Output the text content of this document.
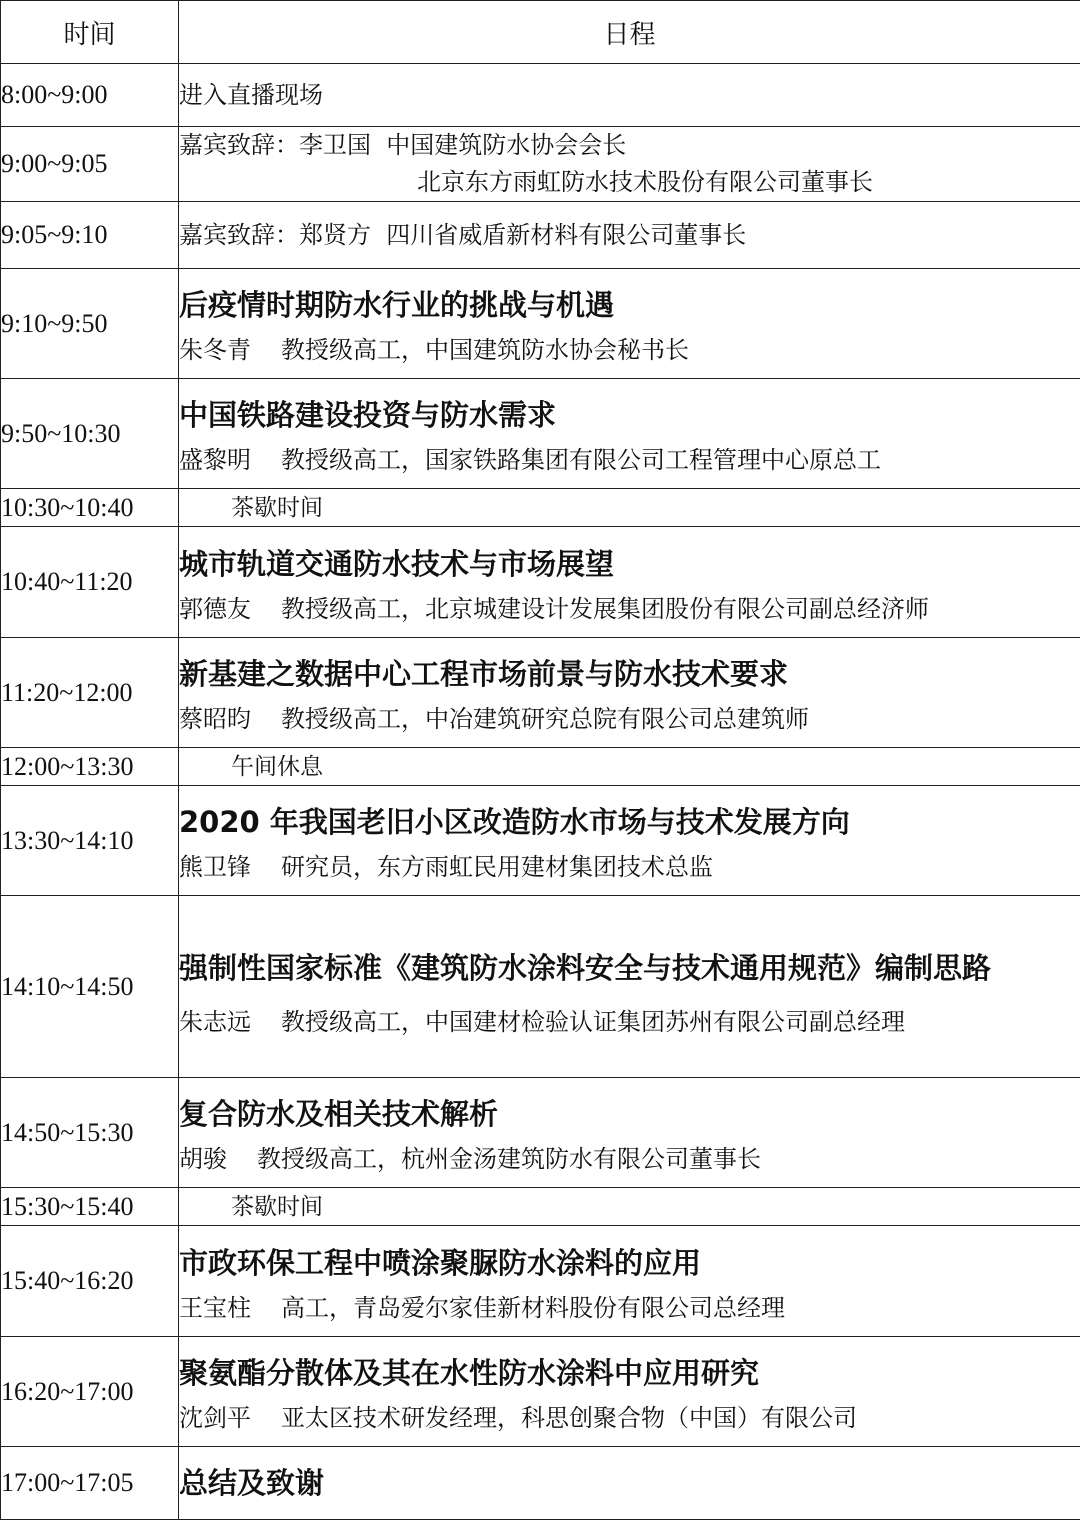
时间	日程
8:00~9:00	进入直播现场

9:00~9:05	嘉宾致辞：李卫国  中国建筑防水协会会长
北京东方雨虹防水技术股份有限公司董事长

9:05~9:10	嘉宾致辞：郑贤方  四川省威盾新材料有限公司董事长

9:10~9:50	后疫情时期防水行业的挑战与机遇
朱冬青 教授级高工，中国建筑防水协会秘书长

9:50~10:30	中国铁路建设投资与防水需求
盛黎明 教授级高工，国家铁路集团有限公司工程管理中心原总工

10:30~10:40	茶歇时间

10:40~11:20	城市轨道交通防水技术与市场展望
郭德友 教授级高工，北京城建设计发展集团股份有限公司副总经济师

11:20~12:00	新基建之数据中心工程市场前景与防水技术要求
蔡昭昀 教授级高工，中冶建筑研究总院有限公司总建筑师

12:00~13:30	午间休息

13:30~14:10	2020 年我国老旧小区改造防水市场与技术发展方向
熊卫锋 研究员，东方雨虹民用建材集团技术总监

14:10~14:50	强制性国家标准《建筑防水涂料安全与技术通用规范》编制思路
朱志远 教授级高工，中国建材检验认证集团苏州有限公司副总经理

14:50~15:30	复合防水及相关技术解析
胡骏 教授级高工，杭州金汤建筑防水有限公司董事长

15:30~15:40	茶歇时间

15:40~16:20	市政环保工程中喷涂聚脲防水涂料的应用
王宝柱 高工，青岛爱尔家佳新材料股份有限公司总经理

16:20~17:00	聚氨酯分散体及其在水性防水涂料中应用研究
沈剑平 亚太区技术研发经理，科思创聚合物（中国）有限公司

17:00~17:05	总结及致谢
